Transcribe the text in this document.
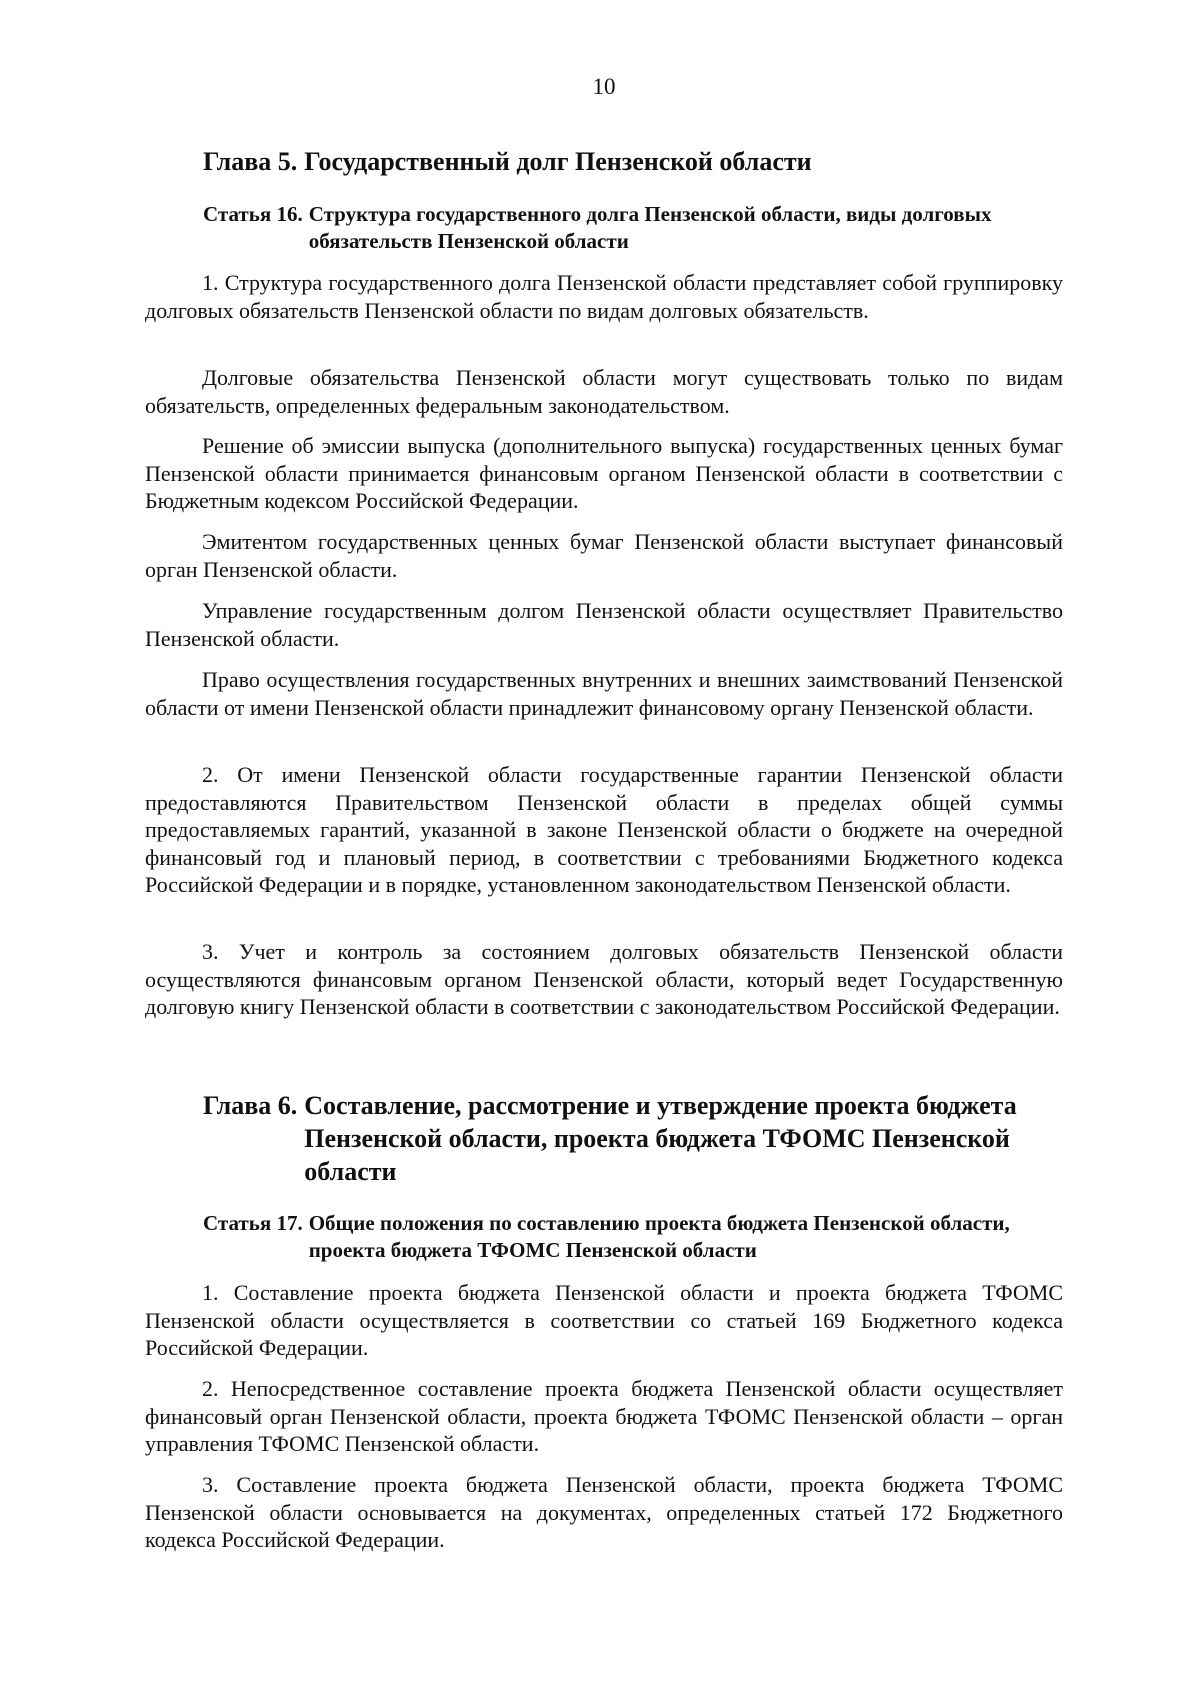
10
Глава 5. Государственный долг Пензенской области
Статья 16. Структура государственного долга Пензенской области, виды долговых обязательств Пензенской области

1. Структура государственного долга Пензенской области представляет собой группировку долговых обязательств Пензенской области по видам долговых обязательств.

Долговые обязательства Пензенской области могут существовать только по видам обязательств, определенных федеральным законодательством.

Решение об эмиссии выпуска (дополнительного выпуска) государственных ценных бумаг Пензенской области принимается финансовым органом Пензенской области в соответствии с Бюджетным кодексом Российской Федерации.

Эмитентом государственных ценных бумаг Пензенской области выступает финансовый орган Пензенской области.

Управление государственным долгом Пензенской области осуществляет Правительство Пензенской области.

Право осуществления государственных внутренних и внешних заимствований Пензенской области от имени Пензенской области принадлежит финансовому органу Пензенской области.

2. От имени Пензенской области государственные гарантии Пензенской области предоставляются Правительством Пензенской области в пределах общей суммы предоставляемых гарантий, указанной в законе Пензенской области о бюджете на очередной финансовый год и плановый период, в соответствии с требованиями Бюджетного кодекса Российской Федерации и в порядке, установленном законодательством Пензенской области.

3. Учет и контроль за состоянием долговых обязательств Пензенской области осуществляются финансовым органом Пензенской области, который ведет Государственную долговую книгу Пензенской области в соответствии с законодательством Российской Федерации.

Глава 6. Составление, рассмотрение и утверждение проекта бюджета Пензенской области, проекта бюджета ТФОМС Пензенской области
Статья 17. Общие положения по составлению проекта бюджета Пензенской области, проекта бюджета ТФОМС Пензенской области

1. Составление проекта бюджета Пензенской области и проекта бюджета ТФОМС Пензенской области осуществляется в соответствии со статьей 169 Бюджетного кодекса Российской Федерации.

2. Непосредственное составление проекта бюджета Пензенской области осуществляет финансовый орган Пензенской области, проекта бюджета ТФОМС Пензенской области – орган управления ТФОМС Пензенской области.

3. Составление проекта бюджета Пензенской области, проекта бюджета ТФОМС Пензенской области основывается на документах, определенных статьей 172 Бюджетного кодекса Российской Федерации.
